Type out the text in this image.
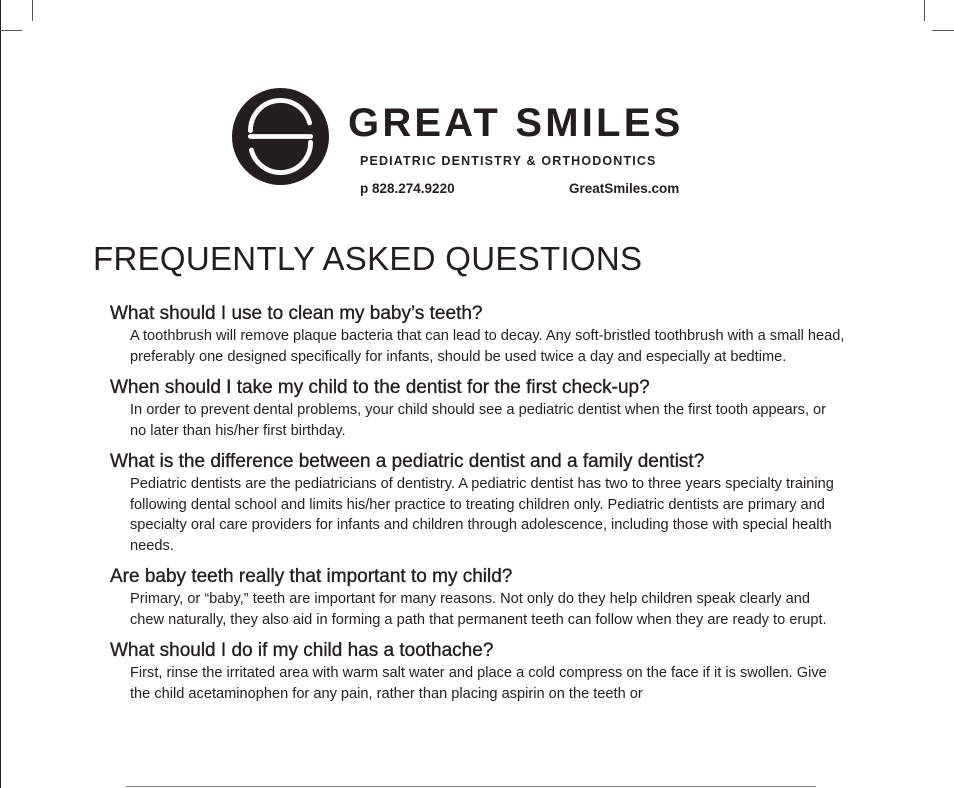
GREAT SMILES
PEDIATRIC DENTISTRY & ORTHODONTICS
p 828.274.9220	GreatSmiles.com
FREQUENTLY ASKED QUESTIONS
What should I use to clean my baby’s teeth?

A toothbrush will remove plaque bacteria that can lead to decay. Any soft-bristled toothbrush with a small head, preferably one designed specifically for infants, should be used twice a day and especially at bedtime.

When should I take my child to the dentist for the first check-up?

In order to prevent dental problems, your child should see a pediatric dentist when the first tooth appears, or no later than his/her first birthday.

What is the difference between a pediatric dentist and a family dentist?

Pediatric dentists are the pediatricians of dentistry. A pediatric dentist has two to three years specialty training following dental school and limits his/her practice to treating children only. Pediatric dentists are primary and specialty oral care providers for infants and children through adolescence, including those with special health needs.

Are baby teeth really that important to my child?

Primary, or “baby,” teeth are important for many reasons. Not only do they help children speak clearly and chew naturally, they also aid in forming a path that permanent teeth can follow when they are ready to erupt.

What should I do if my child has a toothache?

First, rinse the irritated area with warm salt water and place a cold compress on the face if it is swollen. Give the child acetaminophen for any pain, rather than placing aspirin on the teeth or
